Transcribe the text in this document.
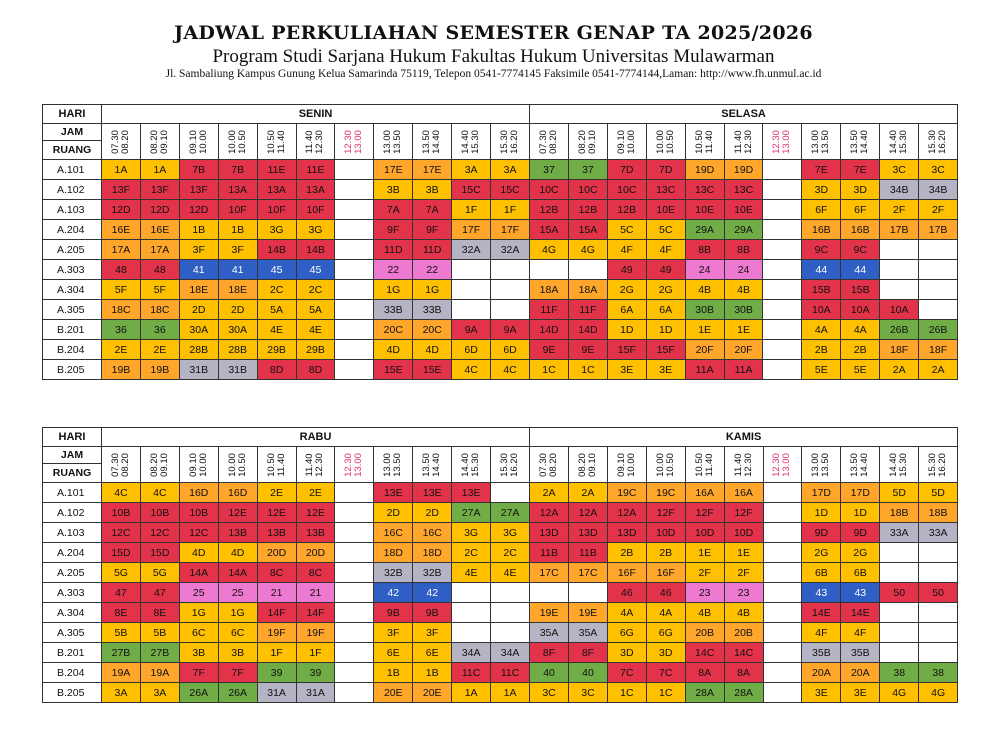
JADWAL PERKULIAHAN SEMESTER GENAP TA 2025/2026
Program Studi Sarjana Hukum Fakultas Hukum Universitas Mulawarman
Jl. Sambaliung Kampus Gunung Kelua Samarinda 75119, Telepon 0541-7774145 Faksimile 0541-7774144,Laman: http://www.fh.unmul.ac.id
HARI	SENIN											SELASA										
JAM	07.30 08.20	08.20 09.10	09.10 10.00	10.00 10.50	10.50 11.40	11.40 12.30	12.30 13.00	13.00 13.50	13.50 14.40	14.40 15.30	15.30 16.20	07.30 08.20	08.20 09.10	09.10 10.00	10.00 10.50	10.50 11.40	11.40 12.30	12.30 13.00	13.00 13.50	13.50 14.40	14.40 15.30	15.30 16.20

RUANG																						
A.101	1A	1A	7B	7B	11E	11E		17E	17E	3A	3A	37	37	7D	7D	19D	19D		7E	7E	3C	3C
A.102	13F	13F	13F	13A	13A	13A		3B	3B	15C	15C	10C	10C	10C	13C	13C	13C		3D	3D	34B	34B
A.103	12D	12D	12D	10F	10F	10F		7A	7A	1F	1F	12B	12B	12B	10E	10E	10E		6F	6F	2F	2F
A.204	16E	16E	1B	1B	3G	3G		9F	9F	17F	17F	15A	15A	5C	5C	29A	29A		16B	16B	17B	17B
A.205	17A	17A	3F	3F	14B	14B		11D	11D	32A	32A	4G	4G	4F	4F	8B	8B		9C	9C		
A.303	48	48	41	41	45	45		22	22					49	49	24	24		44	44		
A.304	5F	5F	18E	18E	2C	2C		1G	1G			18A	18A	2G	2G	4B	4B		15B	15B		
A.305	18C	18C	2D	2D	5A	5A		33B	33B			11F	11F	6A	6A	30B	30B		10A	10A	10A	
B.201	36	36	30A	30A	4E	4E		20C	20C	9A	9A	14D	14D	1D	1D	1E	1E		4A	4A	26B	26B
B.204	2E	2E	28B	28B	29B	29B		4D	4D	6D	6D	9E	9E	15F	15F	20F	20F		2B	2B	18F	18F
B.205	19B	19B	31B	31B	8D	8D		15E	15E	4C	4C	1C	1C	3E	3E	11A	11A		5E	5E	2A	2A
HARI	RABU											KAMIS										
JAM	07.30 08.20	08.20 09.10	09.10 10.00	10.00 10.50	10.50 11.40	11.40 12.30	12.30 13.00	13.00 13.50	13.50 14.40	14.40 15.30	15.30 16.20	07.30 08.20	08.20 09.10	09.10 10.00	10.00 10.50	10.50 11.40	11.40 12.30	12.30 13.00	13.00 13.50	13.50 14.40	14.40 15.30	15.30 16.20

RUANG																						
A.101	4C	4C	16D	16D	2E	2E		13E	13E	13E		2A	2A	19C	19C	16A	16A		17D	17D	5D	5D
A.102	10B	10B	10B	12E	12E	12E		2D	2D	27A	27A	12A	12A	12A	12F	12F	12F		1D	1D	18B	18B
A.103	12C	12C	12C	13B	13B	13B		16C	16C	3G	3G	13D	13D	13D	10D	10D	10D		9D	9D	33A	33A
A.204	15D	15D	4D	4D	20D	20D		18D	18D	2C	2C	11B	11B	2B	2B	1E	1E		2G	2G		
A.205	5G	5G	14A	14A	8C	8C		32B	32B	4E	4E	17C	17C	16F	16F	2F	2F		6B	6B		
A.303	47	47	25	25	21	21		42	42					46	46	23	23		43	43	50	50
A.304	8E	8E	1G	1G	14F	14F		9B	9B			19E	19E	4A	4A	4B	4B		14E	14E		
A.305	5B	5B	6C	6C	19F	19F		3F	3F			35A	35A	6G	6G	20B	20B		4F	4F		
B.201	27B	27B	3B	3B	1F	1F		6E	6E	34A	34A	8F	8F	3D	3D	14C	14C		35B	35B		
B.204	19A	19A	7F	7F	39	39		1B	1B	11C	11C	40	40	7C	7C	8A	8A		20A	20A	38	38
B.205	3A	3A	26A	26A	31A	31A		20E	20E	1A	1A	3C	3C	1C	1C	28A	28A		3E	3E	4G	4G
